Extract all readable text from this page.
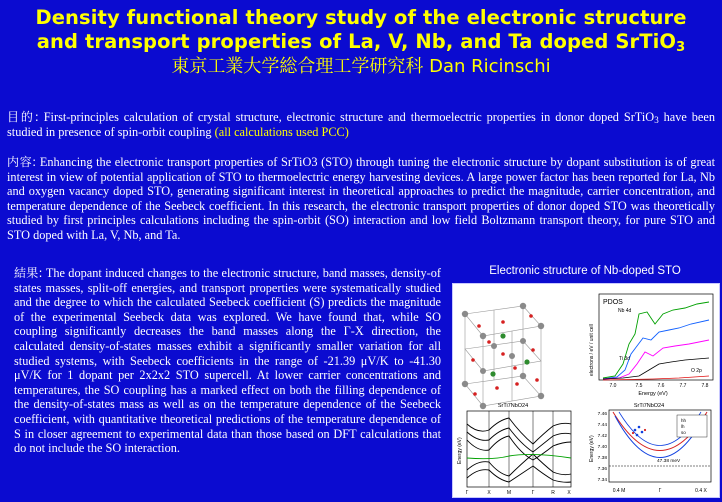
Density functional theory study of the electronic structure
and transport properties of La, V, Nb, and Ta doped SrTiO$_3$
東京工業大学総合理工学研究科 Dan Ricinschi
目的: First-principles calculation of crystal structure, electronic structure and thermoelectric properties in donor doped SrTiO$_3$ have been studied in presence of spin-orbit coupling (all calculations used PCC)
内容: Enhancing the electronic transport properties of SrTiO3 (STO) through tuning the electronic structure by dopant substitution is of great interest in view of potential application of STO to thermoelectric energy harvesting devices. A large power factor has been reported for La, Nb and oxygen vacancy doped STO, generating significant interest in theoretical approaches to predict the magnitude, carrier concentration, and temperature dependence of the Seebeck coefficient. In this research, the electronic transport properties of donor doped STO was theoretically studied by first principles calculations including the spin-orbit (SO) interaction and low field Boltzmann transport theory, for pure STO and STO doped with La, V, Nb, and Ta.
結果: The dopant induced changes to the electronic structure, band masses, density-of states masses, split-off energies, and transport properties were systematically studied and the degree to which the calculated Seebeck coefficient (S) predicts the magnitude of the experimental Seebeck data was explored. We have found that, while SO coupling significantly decreases the band masses along the Γ-X direction, the calculated density-of-states masses exhibit a significantly smaller variation for all studied systems, with Seebeck coefficients in the range of -21.39 μV/K to -41.30 μV/K for 1 dopant per 2x2x2 STO supercell. At lower carrier concentrations and temperatures, the SO coupling has a marked effect on both the filling dependence of the density-of-states mass as well as on the temperature dependence of the Seebeck coefficient, with quantitative theoretical predictions of the temperature dependence of S in closer agreement to experimental data than those based on DFT calculations that do not include the SO interaction.
Electronic structure of Nb-doped STO
PDOS
electrons / eV / unit cell
Energy (eV)
7.0	7.5	7.6	7.7	7.8
Nb 4d
Ti 3d
O 2p
SrTi7NbO24
Energy (eV)
Γ	X	M	Γ	R	X
SrTi7NbO24
Energy (eV)
7.46
7.44
7.42
7.40
7.38
7.36
7.34
hh
lh
so
47.38 meV
0.4 M	Γ	0.4 X
